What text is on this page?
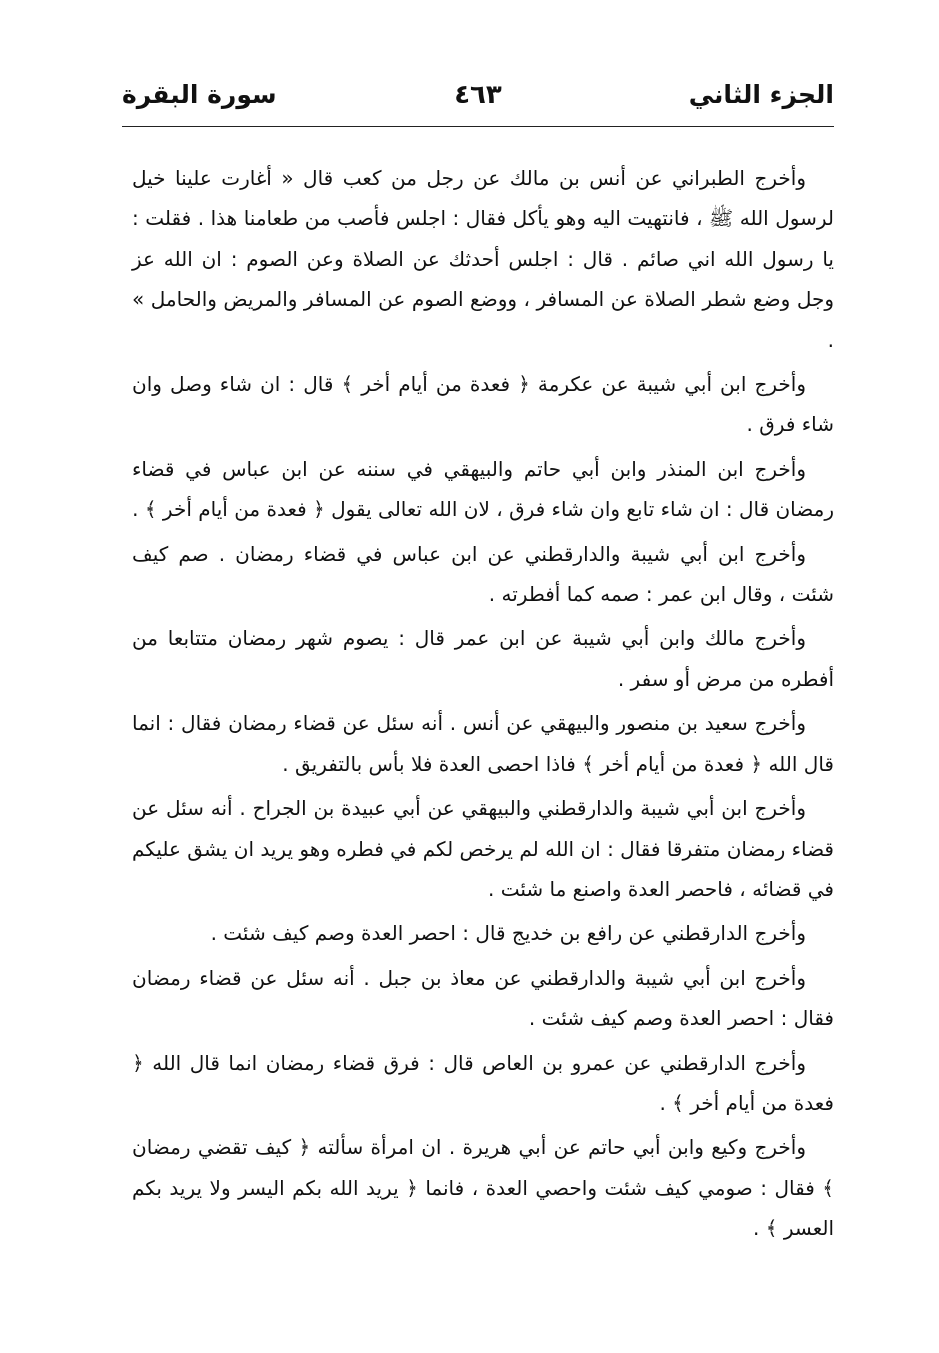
الجزء الثاني
٤٦٣
سورة البقرة

وأخرج الطبراني عن أنس بن مالك عن رجل من كعب قال « أغارت علينا خيل لرسول الله ﷺ ، فانتهيت اليه وهو يأكل فقال : اجلس فأصب من طعامنا هذا . فقلت : يا رسول الله اني صائم . قال : اجلس أحدثك عن الصلاة وعن الصوم : ان الله عز وجل وضع شطر الصلاة عن المسافر ، ووضع الصوم عن المسافر والمريض والحامل » .

وأخرج ابن أبي شيبة عن عكرمة ﴿ فعدة من أيام أخر ﴾ قال : ان شاء وصل وان شاء فرق .

وأخرج ابن المنذر وابن أبي حاتم والبيهقي في سننه عن ابن عباس في قضاء رمضان قال : ان شاء تابع وان شاء فرق ، لان الله تعالى يقول ﴿ فعدة من أيام أخر ﴾ .

وأخرج ابن أبي شيبة والدارقطني عن ابن عباس في قضاء رمضان . صم كيف شئت ، وقال ابن عمر : صمه كما أفطرته .

وأخرج مالك وابن أبي شيبة عن ابن عمر قال : يصوم شهر رمضان متتابعا من أفطره من مرض أو سفر .

وأخرج سعيد بن منصور والبيهقي عن أنس . أنه سئل عن قضاء رمضان فقال : انما قال الله ﴿ فعدة من أيام أخر ﴾ فاذا احصى العدة فلا بأس بالتفريق .

وأخرج ابن أبي شيبة والدارقطني والبيهقي عن أبي عبيدة بن الجراح . أنه سئل عن قضاء رمضان متفرقا فقال : ان الله لم يرخص لكم في فطره وهو يريد ان يشق عليكم في قضائه ، فاحصر العدة واصنع ما شئت .

وأخرج الدارقطني عن رافع بن خديج قال : احصر العدة وصم كيف شئت .

وأخرج ابن أبي شيبة والدارقطني عن معاذ بن جبل . أنه سئل عن قضاء رمضان فقال : احصر العدة وصم كيف شئت .

وأخرج الدارقطني عن عمرو بن العاص قال : فرق قضاء رمضان انما قال الله ﴿ فعدة من أيام أخر ﴾ .

وأخرج وكيع وابن أبي حاتم عن أبي هريرة . ان امرأة سألته ﴿ كيف تقضي رمضان ﴾ فقال : صومي كيف شئت واحصي العدة ، فانما ﴿ يريد الله بكم اليسر ولا يريد بكم العسر ﴾ .
